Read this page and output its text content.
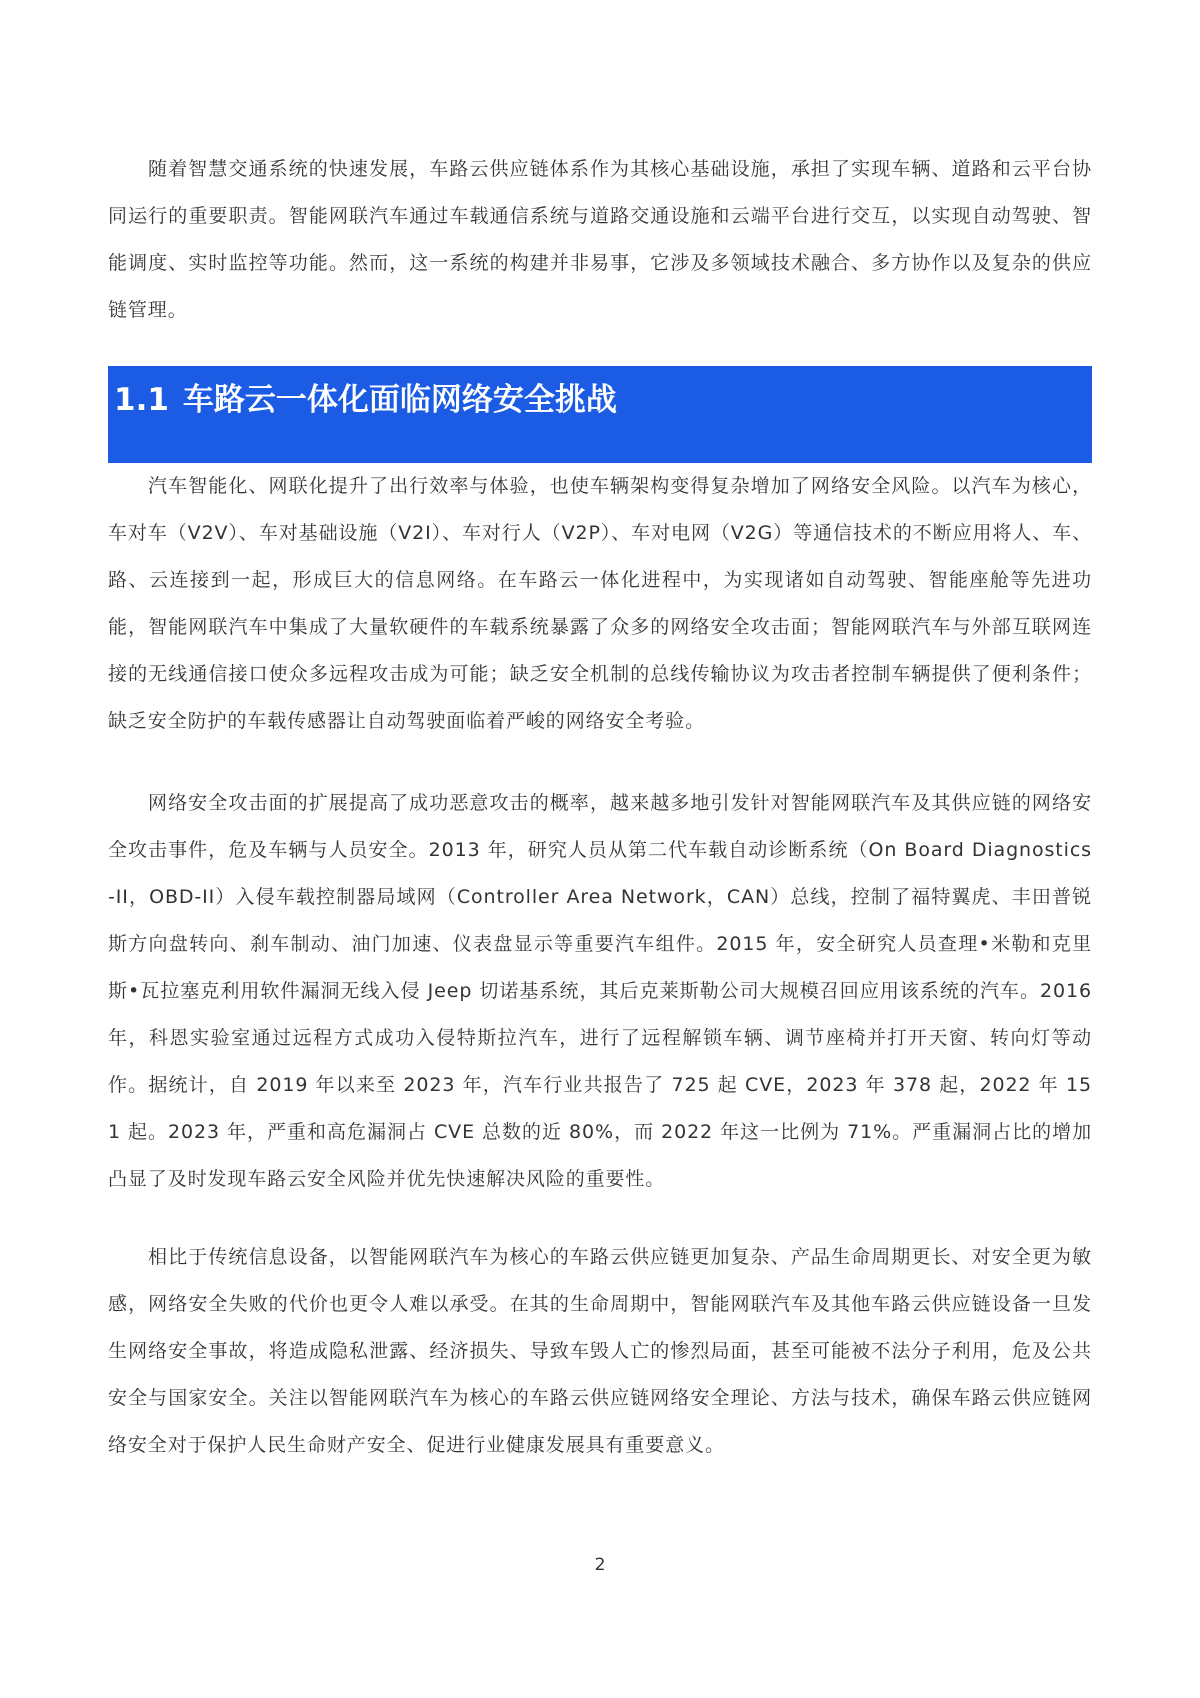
随着智慧交通系统的快速发展，车路云供应链体系作为其核心基础设施，承担了实现车辆、道路和云平台协同运行的重要职责。智能网联汽车通过车载通信系统与道路交通设施和云端平台进行交互，以实现自动驾驶、智能调度、实时监控等功能。然而，这一系统的构建并非易事，它涉及多领域技术融合、多方协作以及复杂的供应链管理。

1.1 车路云一体化面临网络安全挑战

汽车智能化、网联化提升了出行效率与体验，也使车辆架构变得复杂增加了网络安全风险。以汽车为核心，车对车（V2V）、车对基础设施（V2I）、车对行人（V2P）、车对电网（V2G）等通信技术的不断应用将人、车、路、云连接到一起，形成巨大的信息网络。在车路云一体化进程中，为实现诸如自动驾驶、智能座舱等先进功能，智能网联汽车中集成了大量软硬件的车载系统暴露了众多的网络安全攻击面；智能网联汽车与外部互联网连接的无线通信接口使众多远程攻击成为可能；缺乏安全机制的总线传输协议为攻击者控制车辆提供了便利条件；缺乏安全防护的车载传感器让自动驾驶面临着严峻的网络安全考验。

网络安全攻击面的扩展提高了成功恶意攻击的概率，越来越多地引发针对智能网联汽车及其供应链的网络安全攻击事件，危及车辆与人员安全。2013 年，研究人员从第二代车载自动诊断系统（On Board Diagnostics-II，OBD-II）入侵车载控制器局域网（Controller Area Network，CAN）总线，控制了福特翼虎、丰田普锐斯方向盘转向、刹车制动、油门加速、仪表盘显示等重要汽车组件。2015 年，安全研究人员查理•米勒和克里斯•瓦拉塞克利用软件漏洞无线入侵 Jeep 切诺基系统，其后克莱斯勒公司大规模召回应用该系统的汽车。2016 年，科恩实验室通过远程方式成功入侵特斯拉汽车，进行了远程解锁车辆、调节座椅并打开天窗、转向灯等动作。据统计，自 2019 年以来至 2023 年，汽车行业共报告了 725 起 CVE，2023 年 378 起，2022 年 151 起。2023 年，严重和高危漏洞占 CVE 总数的近 80%，而 2022 年这一比例为 71%。严重漏洞占比的增加凸显了及时发现车路云安全风险并优先快速解决风险的重要性。

相比于传统信息设备，以智能网联汽车为核心的车路云供应链更加复杂、产品生命周期更长、对安全更为敏感，网络安全失败的代价也更令人难以承受。在其的生命周期中，智能网联汽车及其他车路云供应链设备一旦发生网络安全事故，将造成隐私泄露、经济损失、导致车毁人亡的惨烈局面，甚至可能被不法分子利用，危及公共安全与国家安全。关注以智能网联汽车为核心的车路云供应链网络安全理论、方法与技术，确保车路云供应链网络安全对于保护人民生命财产安全、促进行业健康发展具有重要意义。

2
